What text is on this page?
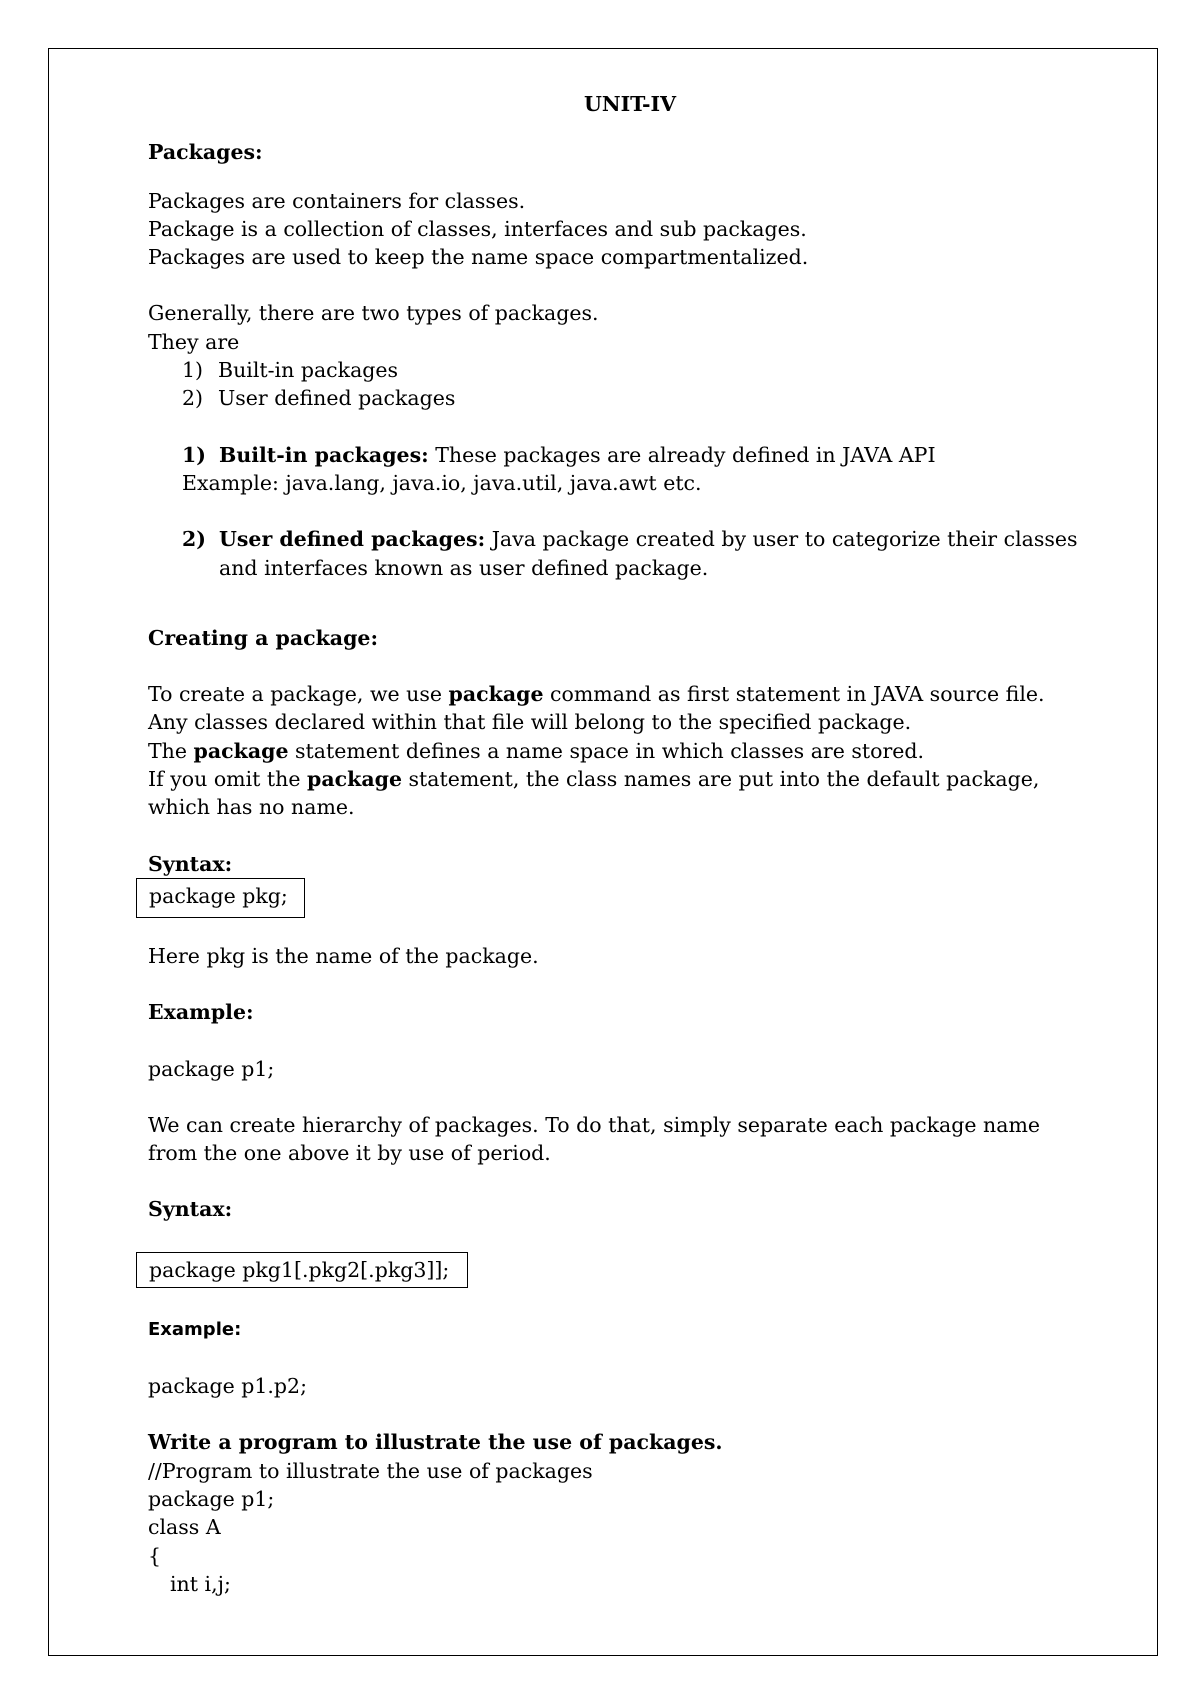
UNIT-IV

Packages:

Packages are containers for classes.

Package is a collection of classes, interfaces and sub packages.

Packages are used to keep the name space compartmentalized.

Generally, there are two types of packages.

They are

1) Built-in packages

2) User defined packages

1) Built-in packages: These packages are already defined in JAVA API

Example: java.lang, java.io, java.util, java.awt etc.

2) User defined packages: Java package created by user to categorize their classes and interfaces known as user defined package.

Creating a package:

To create a package, we use package command as first statement in JAVA source file.

Any classes declared within that file will belong to the specified package.

The package statement defines a name space in which classes are stored.

If you omit the package statement, the class names are put into the default package, which has no name.

Syntax:

package pkg;

Here pkg is the name of the package.

Example:

package p1;

We can create hierarchy of packages. To do that, simply separate each package name from the one above it by use of period.

Syntax:

package pkg1[.pkg2[.pkg3]];

Example:

package p1.p2;

Write a program to illustrate the use of packages.

//Program to illustrate the use of packages

package p1;

class A

{

int i,j;
